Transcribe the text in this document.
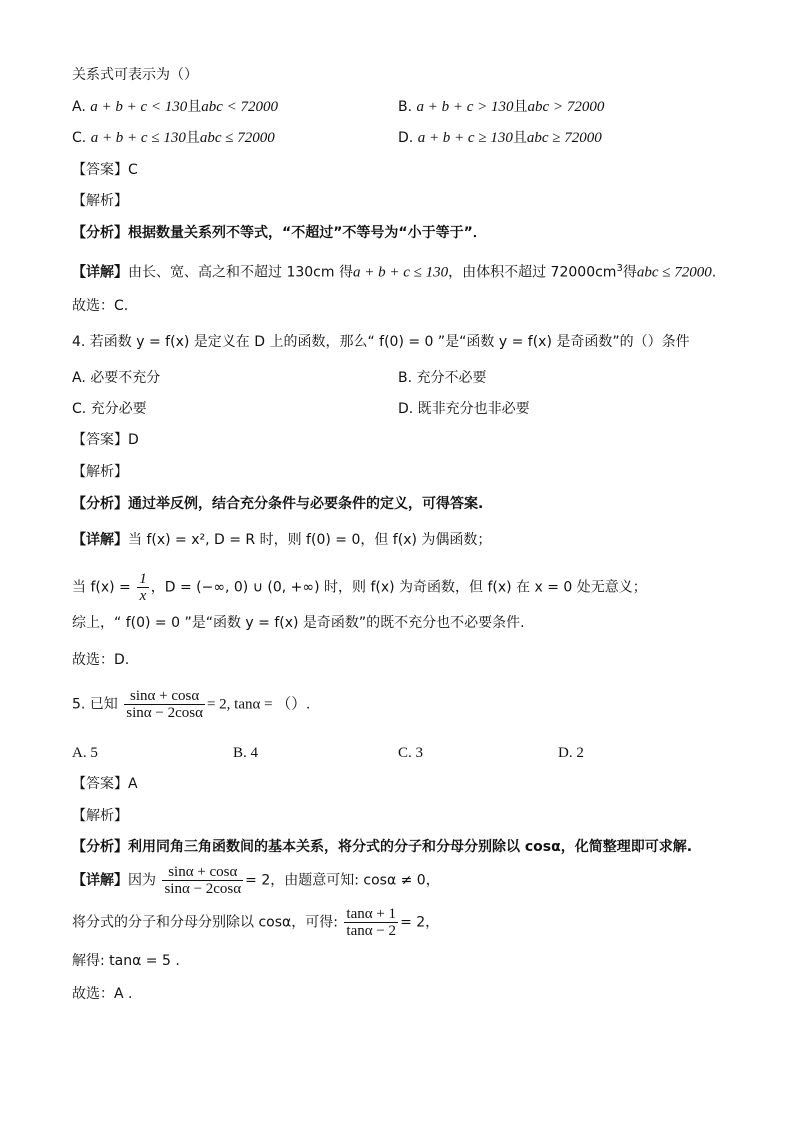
关系式可表示为（）
A. a + b + c < 130且abc < 72000	B. a + b + c > 130且abc > 72000
C. a + b + c ≤ 130且abc ≤ 72000	D. a + b + c ≥ 130且abc ≥ 72000
【答案】C
【解析】
【分析】根据数量关系列不等式，“不超过”不等号为“小于等于”．
【详解】由长、宽、高之和不超过 130cm 得a + b + c ≤ 130，由体积不超过 $72000cm^3$得abc ≤ 72000.
故选：C.
4. 若函数 y = f(x) 是定义在 D 上的函数，那么“ f(0) = 0 ”是“函数 y = f(x) 是奇函数”的（）条件
A. 必要不充分	B. 充分不必要
C. 充分必要	D. 既非充分也非必要
【答案】D
【解析】
【分析】通过举反例，结合充分条件与必要条件的定义，可得答案.
【详解】当 f(x) = x², D = R 时，则 f(0) = 0，但 f(x) 为偶函数；
当 $f(x) = \frac{1}{x}$ ，D = (−∞, 0) ∪ (0, +∞) 时，则 f(x) 为奇函数，但 f(x) 在 x = 0 处无意义；
综上，“ f(0) = 0 ”是“函数 y = f(x) 是奇函数”的既不充分也不必要条件.
故选：D.
5. 已知 $\frac{\sin\alpha + \cos\alpha}{\sin\alpha - 2\cos\alpha} = 2$, tanα = （）.
A. 5	B. 4	C. 3	D. 2
【答案】A
【解析】
【分析】利用同角三角函数间的基本关系，将分式的分子和分母分别除以 cosα，化简整理即可求解.
【详解】因为 $\frac{\sin\alpha + \cos\alpha}{\sin\alpha - 2\cos\alpha} = 2$，由题意可知: cosα ≠ 0，
将分式的分子和分母分别除以 cosα，可得: $\frac{\tan\alpha + 1}{\tan\alpha - 2} = 2$，
解得: tanα = 5 .
故选：A .
